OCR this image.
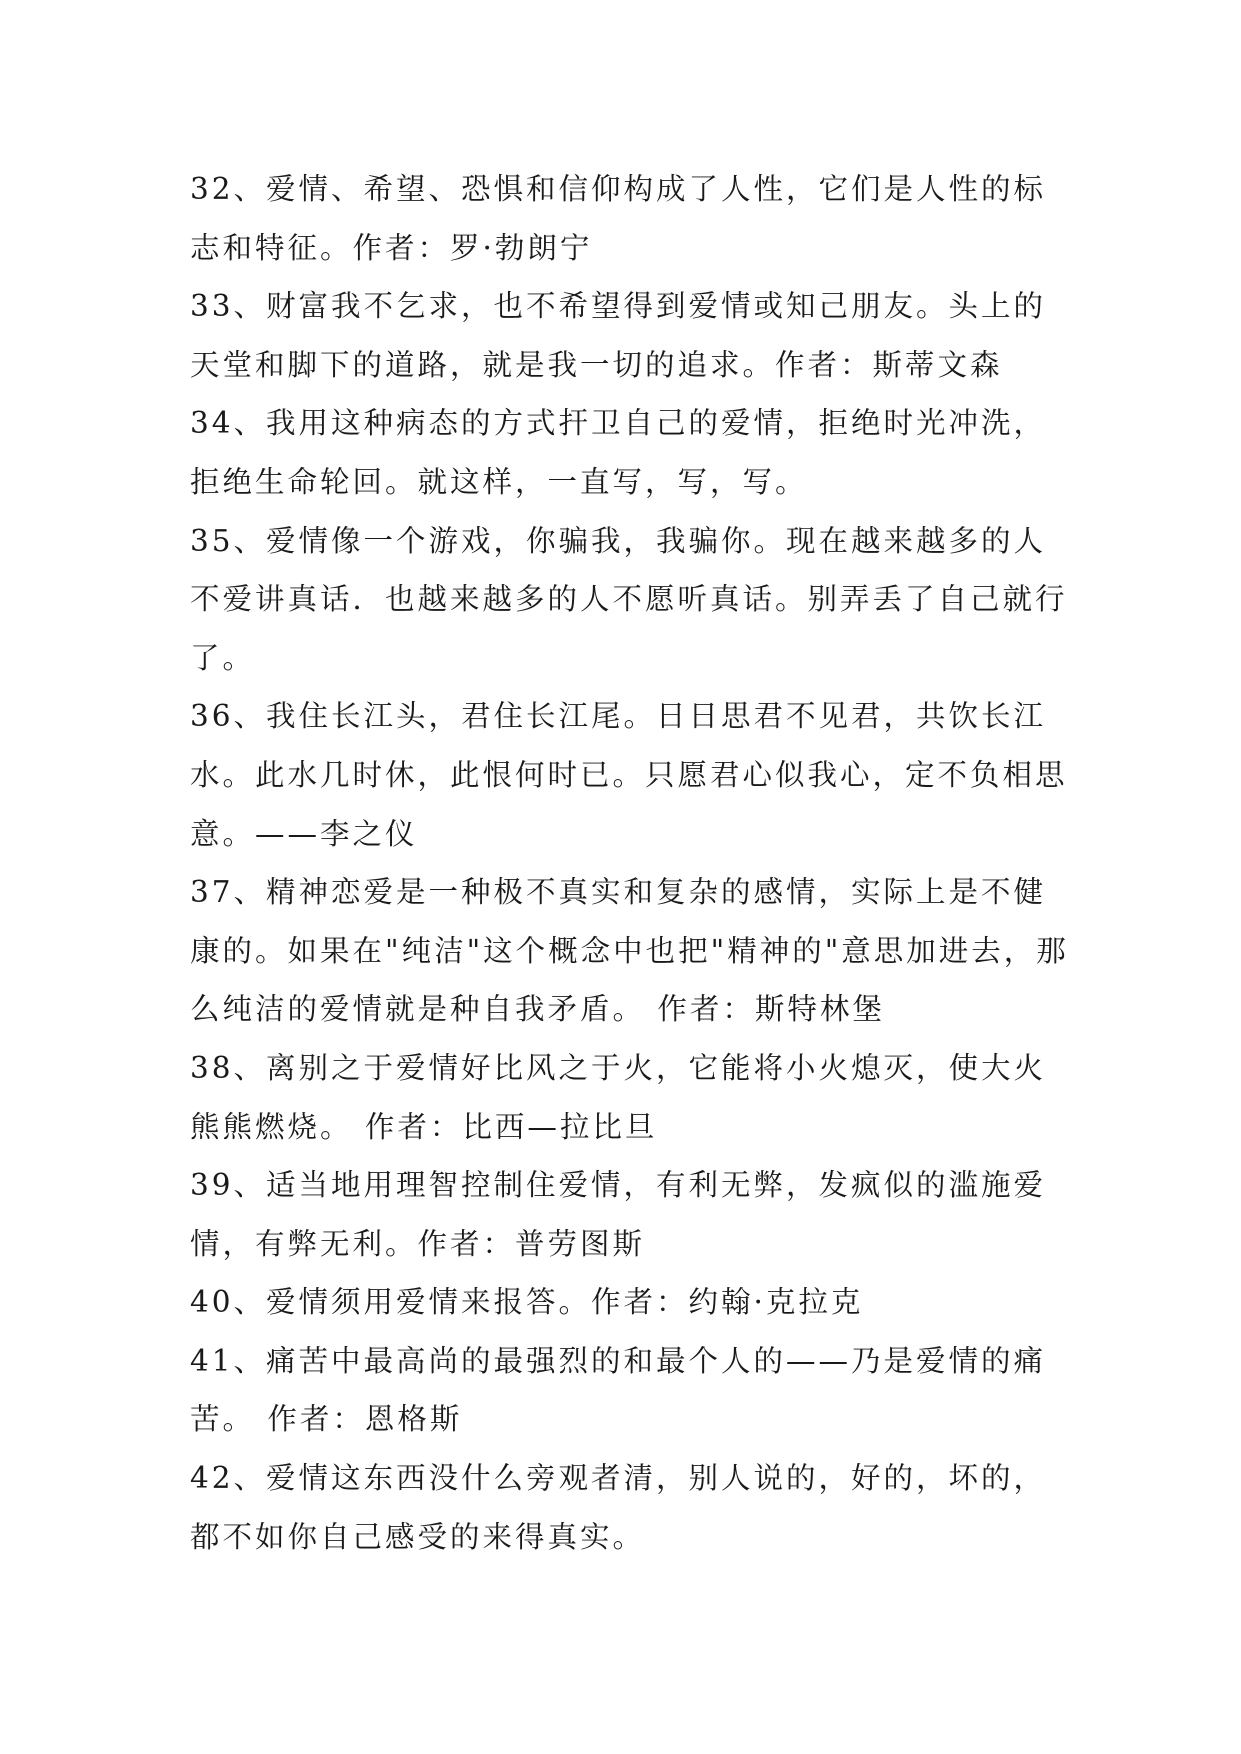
32、爱情、希望、恐惧和信仰构成了人性，它们是人性的标志和特征。作者：罗·勃朗宁

33、财富我不乞求，也不希望得到爱情或知己朋友。头上的天堂和脚下的道路，就是我一切的追求。作者：斯蒂文森

34、我用这种病态的方式扞卫自己的爱情，拒绝时光冲洗，拒绝生命轮回。就这样，一直写，写，写。

35、爱情像一个游戏，你骗我，我骗你。现在越来越多的人不爱讲真话．也越来越多的人不愿听真话。别弄丢了自己就行了。

36、我住长江头，君住长江尾。日日思君不见君，共饮长江水。此水几时休，此恨何时已。只愿君心似我心，定不负相思意。——李之仪

37、精神恋爱是一种极不真实和复杂的感情，实际上是不健康的。如果在"纯洁"这个概念中也把"精神的"意思加进去，那么纯洁的爱情就是种自我矛盾。 作者：斯特林堡

38、离别之于爱情好比风之于火，它能将小火熄灭，使大火熊熊燃烧。 作者：比西—拉比旦

39、适当地用理智控制住爱情，有利无弊，发疯似的滥施爱情，有弊无利。作者：普劳图斯

40、爱情须用爱情来报答。作者：约翰·克拉克

41、痛苦中最高尚的最强烈的和最个人的——乃是爱情的痛苦。 作者：恩格斯

42、爱情这东西没什么旁观者清，别人说的，好的，坏的，都不如你自己感受的来得真实。
